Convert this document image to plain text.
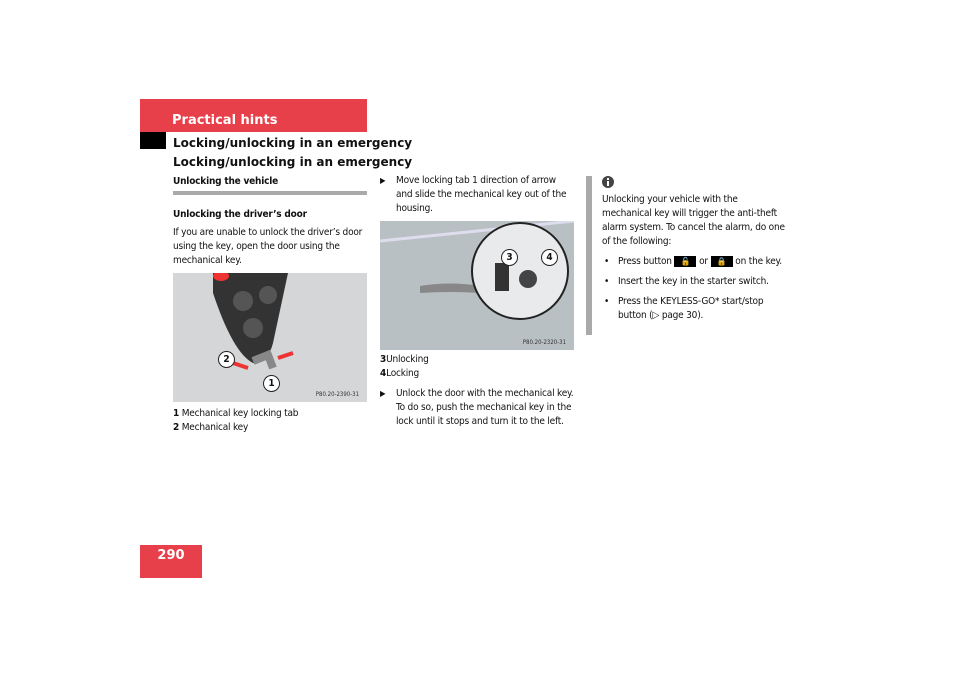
Practical hints
Locking/unlocking in an emergency
Locking/unlocking in an emergency
Unlocking the vehicle

Unlocking the driver’s door

If you are unable to unlock the driver’s door using the key, open the door using the mechanical key.

2
1
P80.20-2390-31

1 Mechanical key locking tab

2 Mechanical key

▶ Move locking tab 1 direction of arrow and slide the mechanical key out of the housing.

3	4
P80.20-2320-31

3Unlocking

4Locking

▶ Unlock the door with the mechanical key. To do so, push the mechanical key in the lock until it stops and turn it to the left.

Unlocking your vehicle with the mechanical key will trigger the anti-theft alarm system. To cancel the alarm, do one of the following:

• Press button 🔓 or 🔒 on the key.

• Insert the key in the starter switch.

• Press the KEYLESS-GO* start/stop button (▷ page 30).

290
